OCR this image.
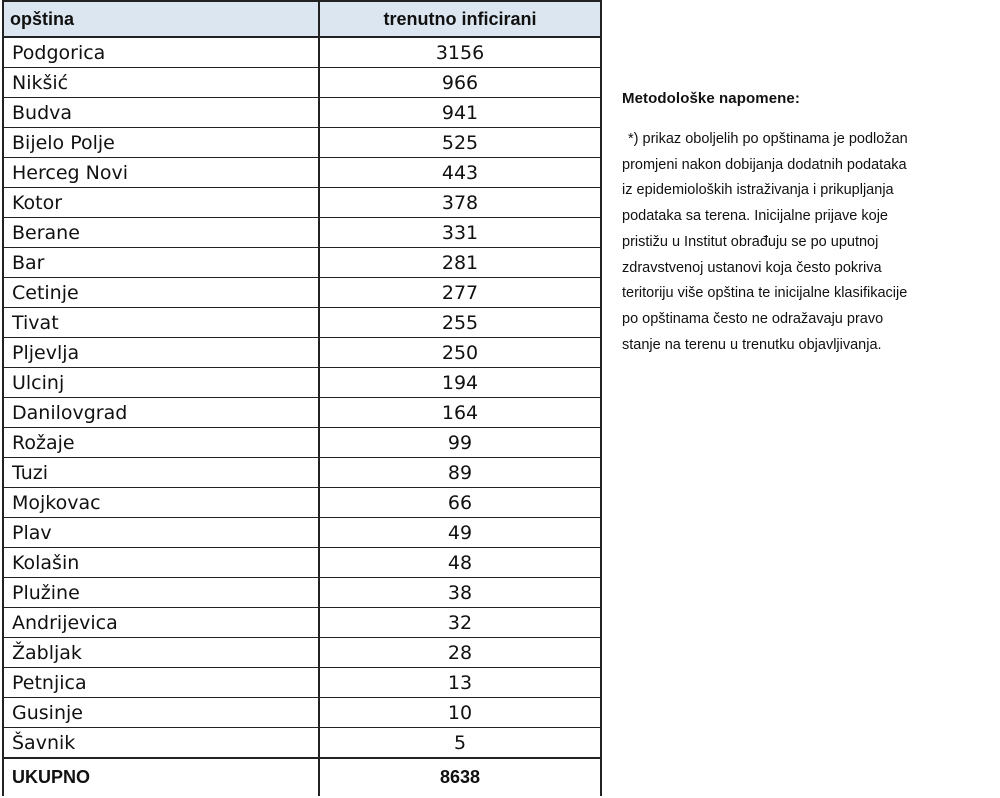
opština	trenutno inficirani
Podgorica	3156
Nikšić	966
Budva	941
Bijelo Polje	525
Herceg Novi	443
Kotor	378
Berane	331
Bar	281
Cetinje	277
Tivat	255
Pljevlja	250
Ulcinj	194
Danilovgrad	164
Rožaje	99
Tuzi	89
Mojkovac	66
Plav	49
Kolašin	48
Plužine	38
Andrijevica	32
Žabljak	28
Petnjica	13
Gusinje	10
Šavnik	5
UKUPNO	8638
Metodološke napomene:
*) prikaz oboljelih po opštinama je podložan
promjeni nakon dobijanja dodatnih podataka
iz epidemioloških istraživanja i prikupljanja
podataka sa terena. Inicijalne prijave koje
pristižu u Institut obrađuju se po uputnoj
zdravstvenoj ustanovi koja često pokriva
teritoriju više opština te inicijalne klasifikacije
po opštinama često ne odražavaju pravo
stanje na terenu u trenutku objavljivanja.
